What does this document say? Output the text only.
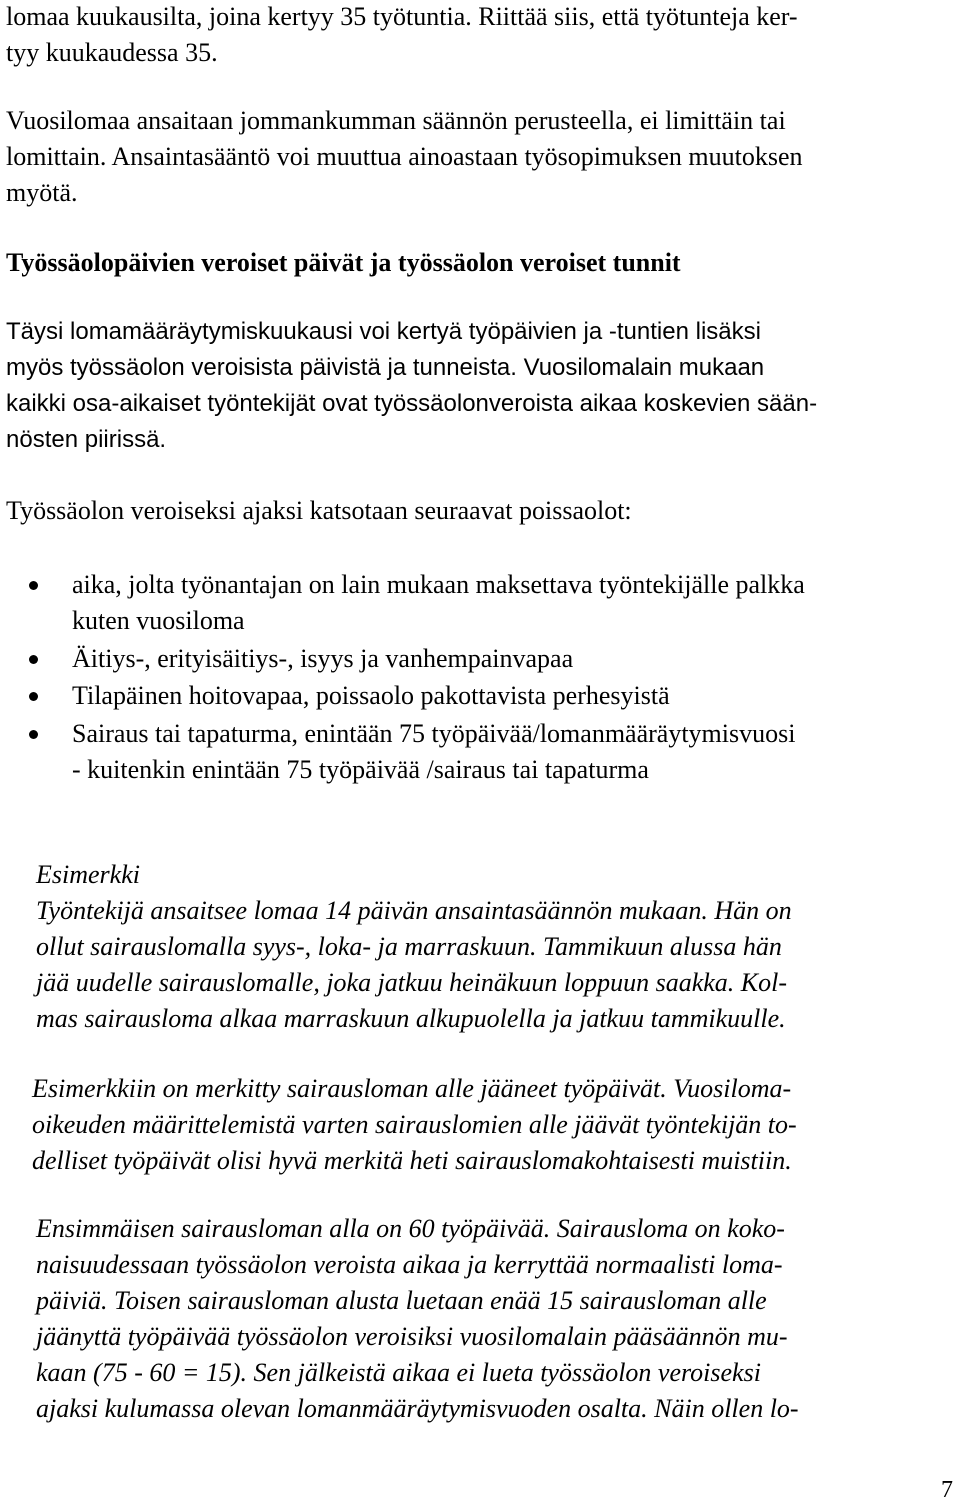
lomaa kuukausilta, joina kertyy 35 työtuntia. Riittää siis, että työtunteja ker-

tyy kuukaudessa 35.

Vuosilomaa ansaitaan jommankumman säännön perusteella, ei limittäin tai

lomittain. Ansaintasääntö voi muuttua ainoastaan työsopimuksen muutoksen

myötä.

Työssäolopäivien veroiset päivät ja työssäolon veroiset tunnit

Täysi lomamääräytymiskuukausi voi kertyä työpäivien ja -tuntien lisäksi

myös työssäolon veroisista päivistä ja tunneista. Vuosilomalain mukaan

kaikki osa-aikaiset työntekijät ovat työssäolonveroista aikaa koskevien sään-

nösten piirissä.

Työssäolon veroiseksi ajaksi katsotaan seuraavat poissaolot:

aika, jolta työnantajan on lain mukaan maksettava työntekijälle palkka
kuten vuosiloma
Äitiys-, erityisäitiys-, isyys ja vanhempainvapaa
Tilapäinen hoitovapaa, poissaolo pakottavista perhesyistä
Sairaus tai tapaturma, enintään 75 työpäivää/lomanmääräytymisvuosi
- kuitenkin enintään 75 työpäivää /sairaus tai tapaturma

Esimerkki

Työntekijä ansaitsee lomaa 14 päivän ansaintasäännön mukaan. Hän on

ollut sairauslomalla syys-, loka- ja marraskuun. Tammikuun alussa hän

jää uudelle sairauslomalle, joka jatkuu heinäkuun loppuun saakka. Kol-

mas sairausloma alkaa marraskuun alkupuolella ja jatkuu tammikuulle.

Esimerkkiin on merkitty sairausloman alle jääneet työpäivät. Vuosiloma-

oikeuden määrittelemistä varten sairauslomien alle jäävät työntekijän to-

delliset työpäivät olisi hyvä merkitä heti sairauslomakohtaisesti muistiin.

Ensimmäisen sairausloman alla on 60 työpäivää. Sairausloma on koko-

naisuudessaan työssäolon veroista aikaa ja kerryttää normaalisti loma-

päiviä. Toisen sairausloman alusta luetaan enää 15 sairausloman alle

jäänyttä työpäivää työssäolon veroisiksi vuosilomalain pääsäännön mu-

kaan (75 - 60 = 15). Sen jälkeistä aikaa ei lueta työssäolon veroiseksi

ajaksi kulumassa olevan lomanmääräytymisvuoden osalta. Näin ollen lo-

7
